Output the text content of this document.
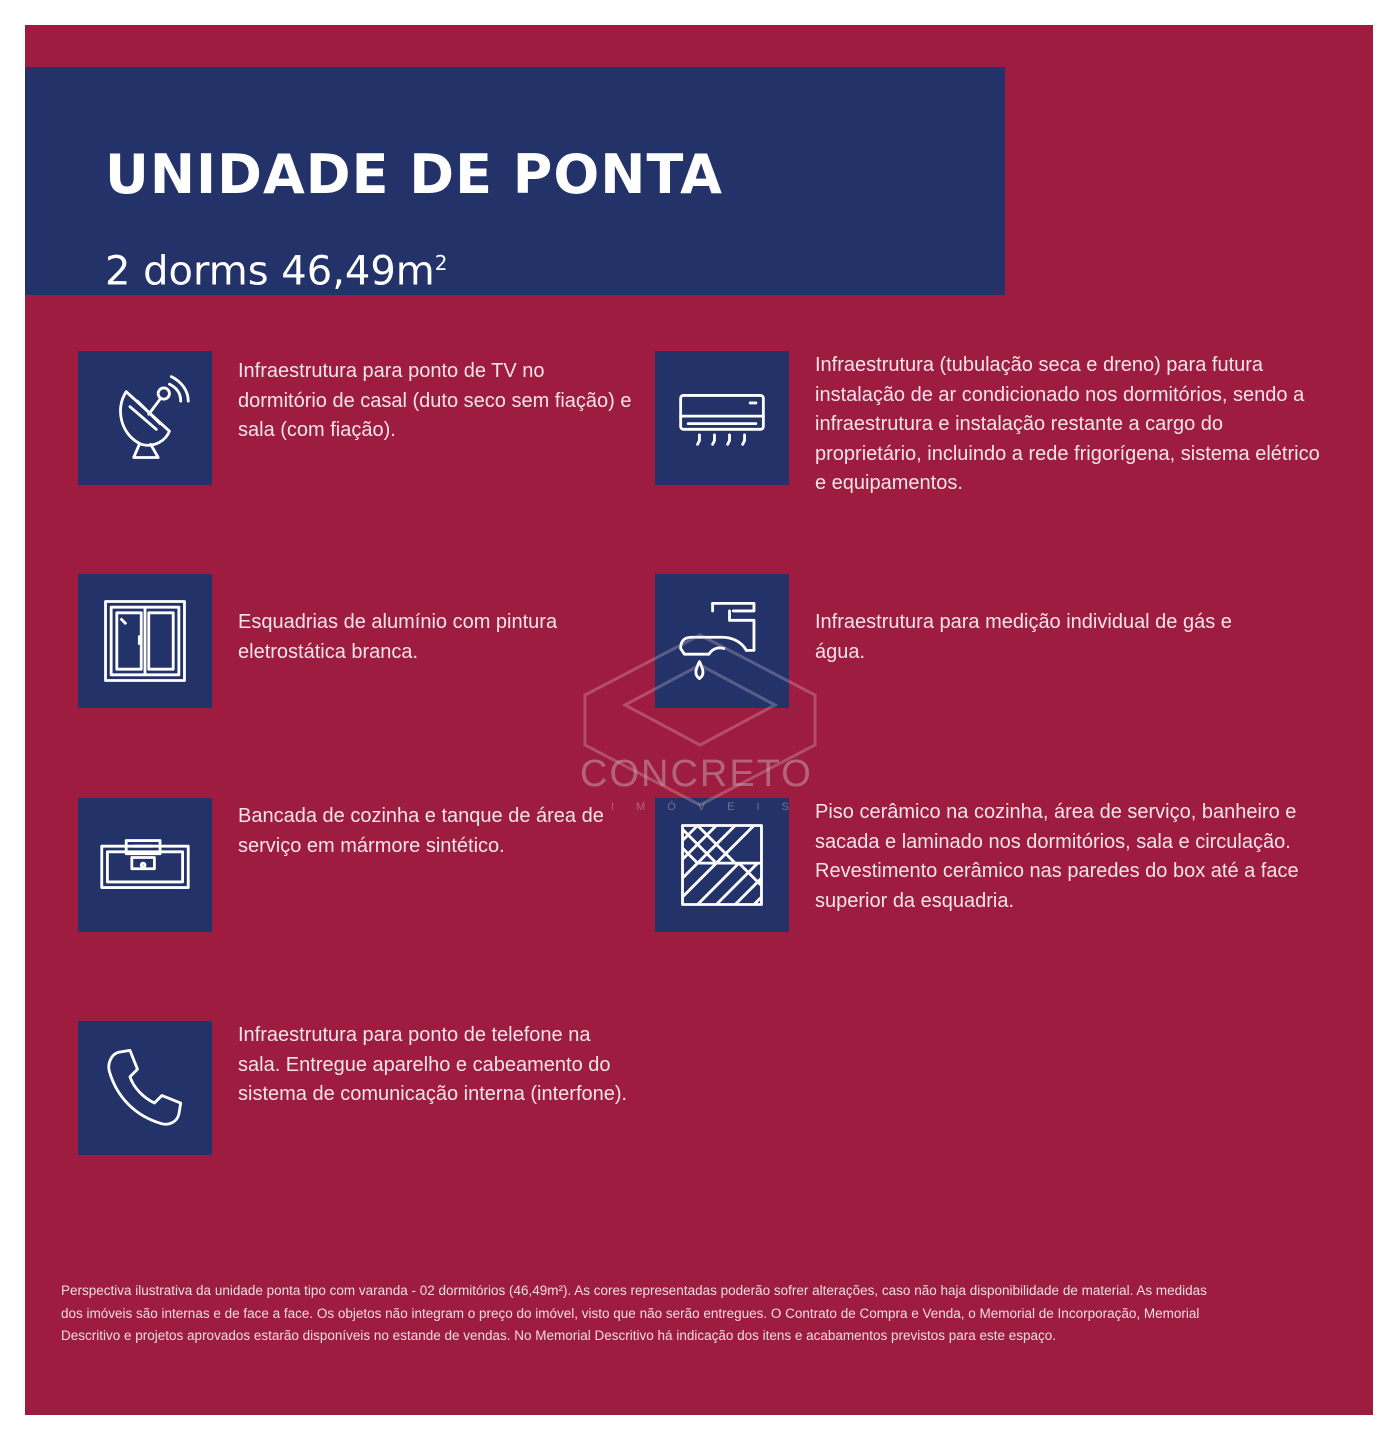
UNIDADE DE PONTA

2 dorms $46,49m^2$

Infraestrutura para ponto de TV no dormitório de casal (duto seco sem fiação) e sala (com fiação).
Infraestrutura (tubulação seca e dreno) para futura instalação de ar condicionado nos dormitórios, sendo a infraestrutura e instalação restante a cargo do proprietário, incluindo a rede frigorígena, sistema elétrico e equipamentos.
Esquadrias de alumínio com pintura eletrostática branca.
Infraestrutura para medição individual de gás e água.
Bancada de cozinha e tanque de área de serviço em mármore sintético.
Piso cerâmico na cozinha, área de serviço, banheiro e sacada e laminado nos dormitórios, sala e circulação. Revestimento cerâmico nas paredes do box até a face superior da esquadria.
Infraestrutura para ponto de telefone na sala. Entregue aparelho e cabeamento do sistema de comunicação interna (interfone).
CONCRETO
IMÓVEIS

Perspectiva ilustrativa da unidade ponta tipo com varanda - 02 dormitórios (46,49m²). As cores representadas poderão sofrer alterações, caso não haja disponibilidade de material. As medidas dos imóveis são internas e de face a face. Os objetos não integram o preço do imóvel, visto que não serão entregues. O Contrato de Compra e Venda, o Memorial de Incorporação, Memorial Descritivo e projetos aprovados estarão disponíveis no estande de vendas. No Memorial Descritivo há indicação dos itens e acabamentos previstos para este espaço.
